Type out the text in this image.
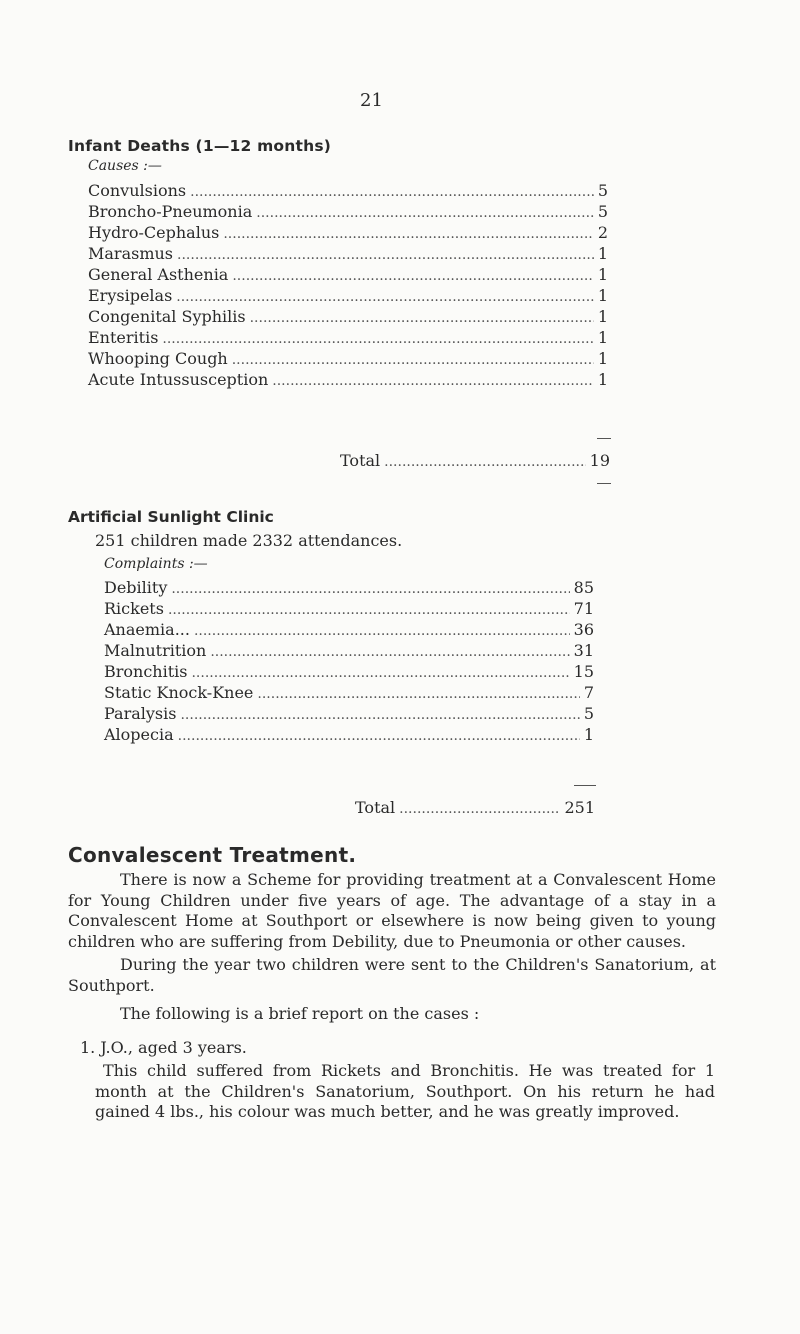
21
Infant Deaths (1—12 months)
Causes :—
Convulsions .....	5
Broncho-Pneumonia .....	5
Hydro-Cephalus .....	2
Marasmus .....	1
General Asthenia .....	1
Erysipelas .....	1
Congenital Syphilis .....	1
Enteritis .....	1
Whooping Cough .....	1
Acute Intussusception .....	1
Total .....	19
Artificial Sunlight Clinic
251 children made 2332 attendances.
Complaints :—
Debility .....	85
Rickets .....	71
Anaemia... .....	36
Malnutrition .....	31
Bronchitis .....	15
Static Knock-Knee .....	7
Paralysis .....	5
Alopecia .....	1
Total .....	251
Convalescent Treatment.

There is now a Scheme for providing treatment at a Convalescent Home for Young Children under five years of age. The advantage of a stay in a Convalescent Home at Southport or elsewhere is now being given to young children who are suffering from Debility, due to Pneumonia or other causes.

During the year two children were sent to the Children's Sanatorium, at Southport.

The following is a brief report on the cases :

1. J.O., aged 3 years.

This child suffered from Rickets and Bronchitis. He was treated for 1 month at the Children's Sanatorium, Southport. On his return he had gained 4 lbs., his colour was much better, and he was greatly improved.
